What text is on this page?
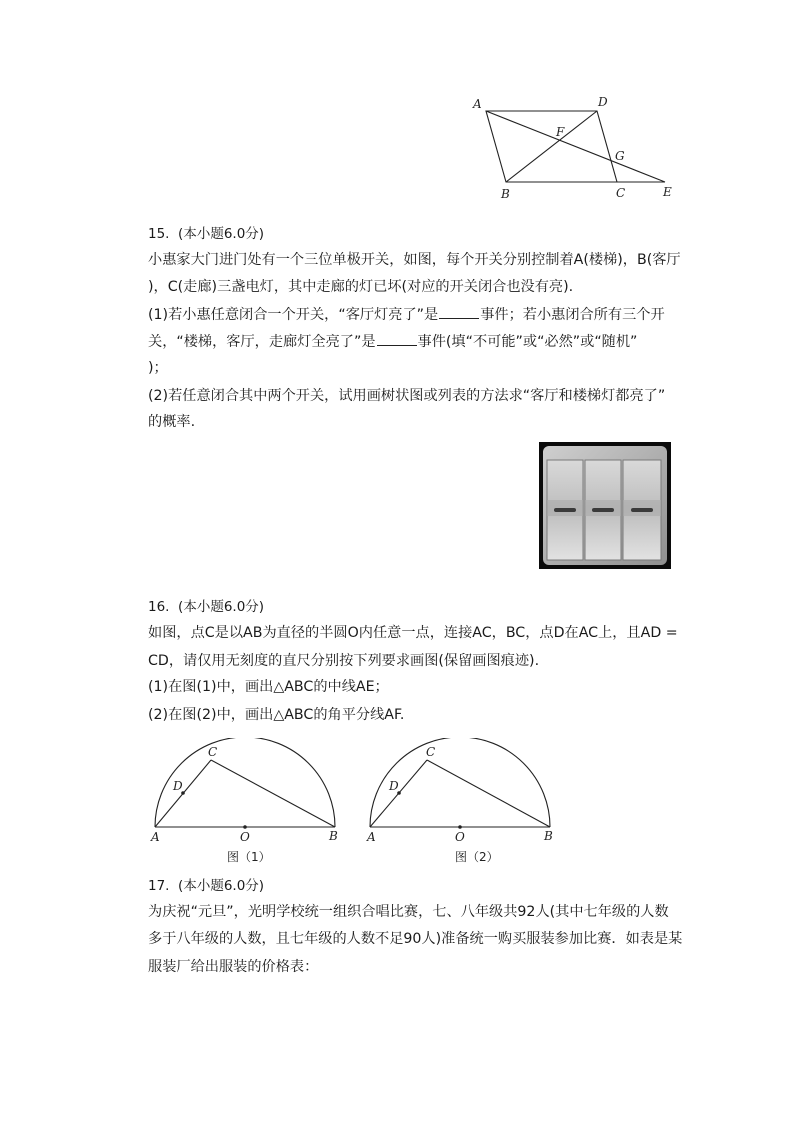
A	D
F
G
B	C	E
15.  (本小题6.0分)
小惠家大门进门处有一个三位单极开关，如图，每个开关分别控制着A(楼梯)，B(客厅
)，C(走廊)三盏电灯，其中走廊的灯已坏(对应的开关闭合也没有亮).
(1)若小惠任意闭合一个开关，“客厅灯亮了”是	事件；若小惠闭合所有三个开
关，“楼梯，客厅，走廊灯全亮了”是	事件(填“不可能”或“必然”或“随机”
)；
(2)若任意闭合其中两个开关，试用画树状图或列表的方法求“客厅和楼梯灯都亮了”
的概率.
16.  (本小题6.0分)
如图，点C是以AB为直径的半圆O内任意一点，连接AC，BC，点D在AC上，且AD =
CD，请仅用无刻度的直尺分别按下列要求画图(保留画图痕迹).
(1)在图(1)中，画出△ABC的中线AE；
(2)在图(2)中，画出△ABC的角平分线AF.
A	B
C
D
O
图（1）
A	B
C
D
O
图（2）
17.  (本小题6.0分)
为庆祝“元旦”，光明学校统一组织合唱比赛，七、八年级共92人(其中七年级的人数
多于八年级的人数，且七年级的人数不足90人)准备统一购买服装参加比赛．如表是某
服装厂给出服装的价格表：
